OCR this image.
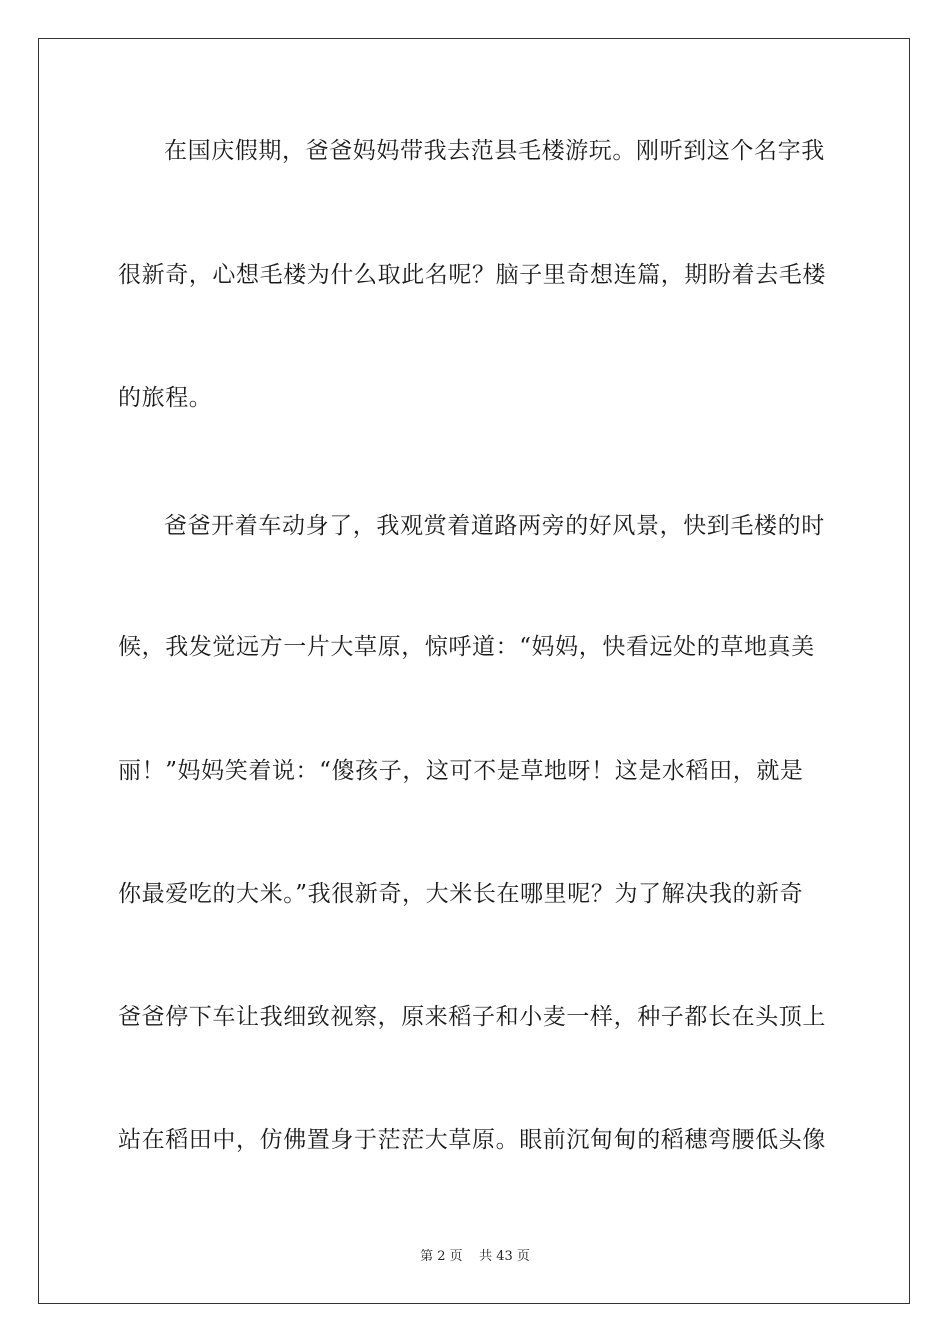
在国庆假期，爸爸妈妈带我去范县毛楼游玩。刚听到这个名字我
很新奇，心想毛楼为什么取此名呢？脑子里奇想连篇，期盼着去毛楼
的旅程。
爸爸开着车动身了，我观赏着道路两旁的好风景，快到毛楼的时
候，我发觉远方一片大草原，惊呼道：“妈妈，快看远处的草地真美
丽！”妈妈笑着说：“傻孩子，这可不是草地呀！这是水稻田，就是
你最爱吃的大米。”我很新奇，大米长在哪里呢？为了解决我的新奇
爸爸停下车让我细致视察，原来稻子和小麦一样，种子都长在头顶上
站在稻田中，仿佛置身于茫茫大草原。眼前沉甸甸的稻穗弯腰低头像
第 2 页    共 43 页
